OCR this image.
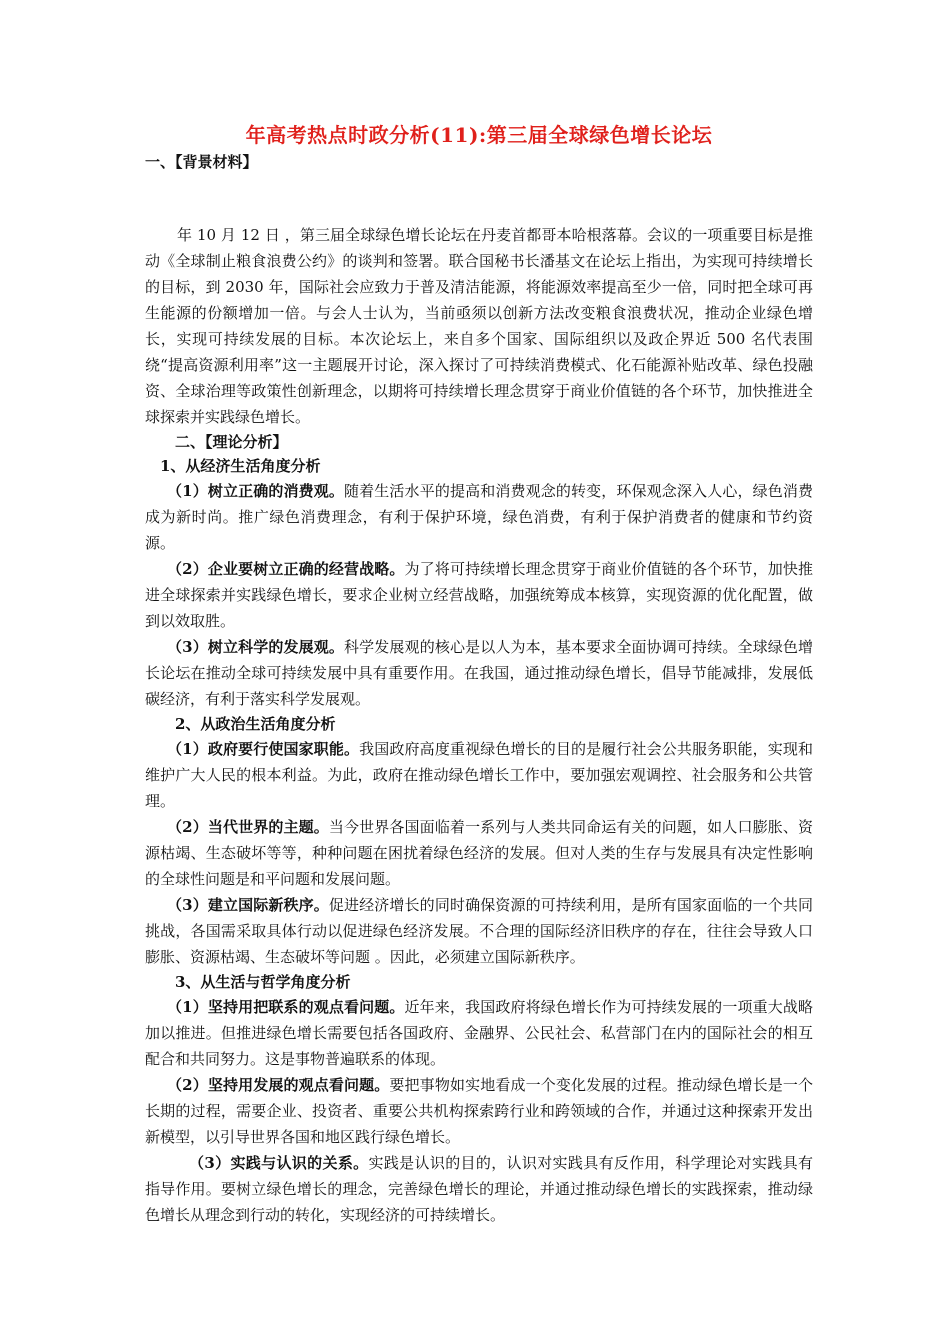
年高考热点时政分析(11):第三届全球绿色增长论坛
一、【背景材料】

年 10 月 12 日 ，第三届全球绿色增长论坛在丹麦首都哥本哈根落幕。会议的一项重要目标是推动《全球制止粮食浪费公约》的谈判和签署。联合国秘书长潘基文在论坛上指出，为实现可持续增长的目标，到 2030 年，国际社会应致力于普及清洁能源，将能源效率提高至少一倍，同时把全球可再生能源的份额增加一倍。与会人士认为，当前亟须以创新方法改变粮食浪费状况，推动企业绿色增长，实现可持续发展的目标。本次论坛上，来自多个国家、国际组织以及政企界近 500 名代表围绕“提高资源利用率”这一主题展开讨论，深入探讨了可持续消费模式、化石能源补贴改革、绿色投融资、全球治理等政策性创新理念，以期将可持续增长理念贯穿于商业价值链的各个环节，加快推进全球探索并实践绿色增长。

二、【理论分析】
1、从经济生活角度分析

（1）树立正确的消费观。随着生活水平的提高和消费观念的转变，环保观念深入人心，绿色消费成为新时尚。推广绿色消费理念，有利于保护环境，绿色消费，有利于保护消费者的健康和节约资源。

（2）企业要树立正确的经营战略。为了将可持续增长理念贯穿于商业价值链的各个环节，加快推进全球探索并实践绿色增长，要求企业树立经营战略，加强统筹成本核算，实现资源的优化配置，做到以效取胜。

（3）树立科学的发展观。科学发展观的核心是以人为本，基本要求全面协调可持续。全球绿色增长论坛在推动全球可持续发展中具有重要作用。在我国，通过推动绿色增长，倡导节能减排，发展低碳经济，有利于落实科学发展观。

2、从政治生活角度分析

（1）政府要行使国家职能。我国政府高度重视绿色增长的目的是履行社会公共服务职能，实现和维护广大人民的根本利益。为此，政府在推动绿色增长工作中，要加强宏观调控、社会服务和公共管理。

（2）当代世界的主题。当今世界各国面临着一系列与人类共同命运有关的问题，如人口膨胀、资源枯竭、生态破坏等等，种种问题在困扰着绿色经济的发展。但对人类的生存与发展具有决定性影响的全球性问题是和平问题和发展问题。

（3）建立国际新秩序。促进经济增长的同时确保资源的可持续利用，是所有国家面临的一个共同挑战，各国需采取具体行动以促进绿色经济发展。不合理的国际经济旧秩序的存在，往往会导致人口膨胀、资源枯竭、生态破坏等问题 。因此，必须建立国际新秩序。

3、从生活与哲学角度分析

（1）坚持用把联系的观点看问题。近年来，我国政府将绿色增长作为可持续发展的一项重大战略加以推进。但推进绿色增长需要包括各国政府、金融界、公民社会、私营部门在内的国际社会的相互配合和共同努力。这是事物普遍联系的体现。

（2）坚持用发展的观点看问题。要把事物如实地看成一个变化发展的过程。推动绿色增长是一个长期的过程，需要企业、投资者、重要公共机构探索跨行业和跨领域的合作，并通过这种探索开发出新模型，以引导世界各国和地区践行绿色增长。

（3）实践与认识的关系。实践是认识的目的，认识对实践具有反作用，科学理论对实践具有指导作用。要树立绿色增长的理念，完善绿色增长的理论，并通过推动绿色增长的实践探索，推动绿色增长从理念到行动的转化，实现经济的可持续增长。
